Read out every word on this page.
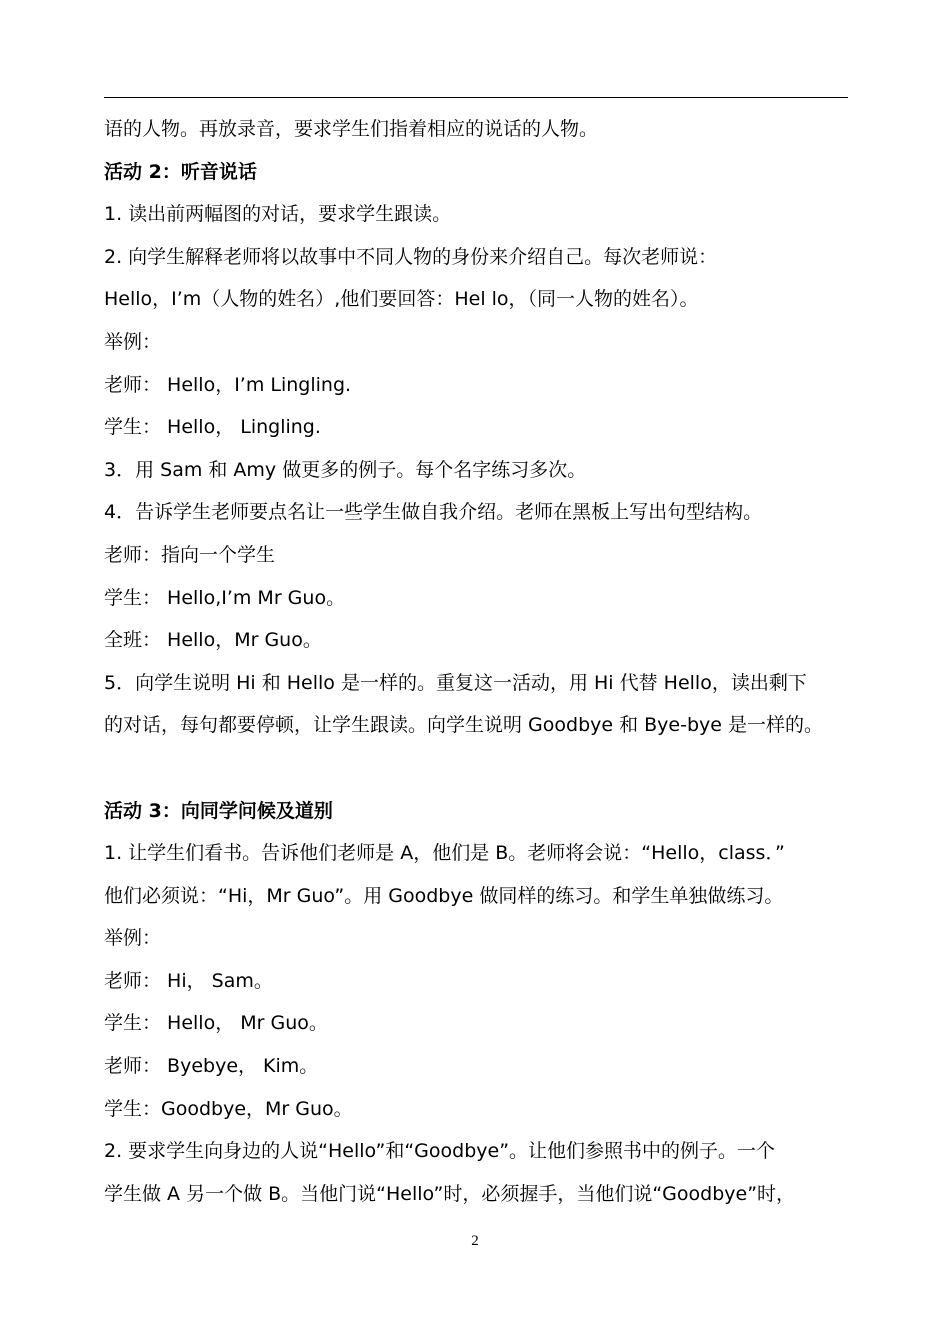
语的人物。再放录音，要求学生们指着相应的说话的人物。
活动 2：听音说话
1. 读出前两幅图的对话，要求学生跟读。
2. 向学生解释老师将以故事中不同人物的身份来介绍自己。每次老师说：
Hello，I’m（人物的姓名）,他们要回答：Hel lo，（同一人物的姓名）。
举例：
老师： Hello，I’m Lingling.
学生： Hello， Lingling.
3．用 Sam 和 Amy 做更多的例子。每个名字练习多次。
4．告诉学生老师要点名让一些学生做自我介绍。老师在黑板上写出句型结构。
老师：指向一个学生
学生： Hello,I’m Mr Guo。
全班： Hello，Mr Guo。
5．向学生说明 Hi 和 Hello 是一样的。重复这一活动，用 Hi 代替 Hello，读出剩下
的对话，每句都要停顿，让学生跟读。向学生说明 Goodbye 和 Bye-bye 是一样的。
活动 3：向同学问候及道别
1. 让学生们看书。告诉他们老师是 A，他们是 B。老师将会说：“Hello，class．”
他们必须说：“Hi，Mr Guo”。用 Goodbye 做同样的练习。和学生单独做练习。
举例：
老师： Hi， Sam。
学生： Hello， Mr Guo。
老师： Byebye， Kim。
学生：Goodbye，Mr Guo。
2. 要求学生向身边的人说“Hello”和“Goodbye”。让他们参照书中的例子。一个
学生做 A 另一个做 B。当他门说“Hello”时，必须握手，当他们说“Goodbye”时，
2
